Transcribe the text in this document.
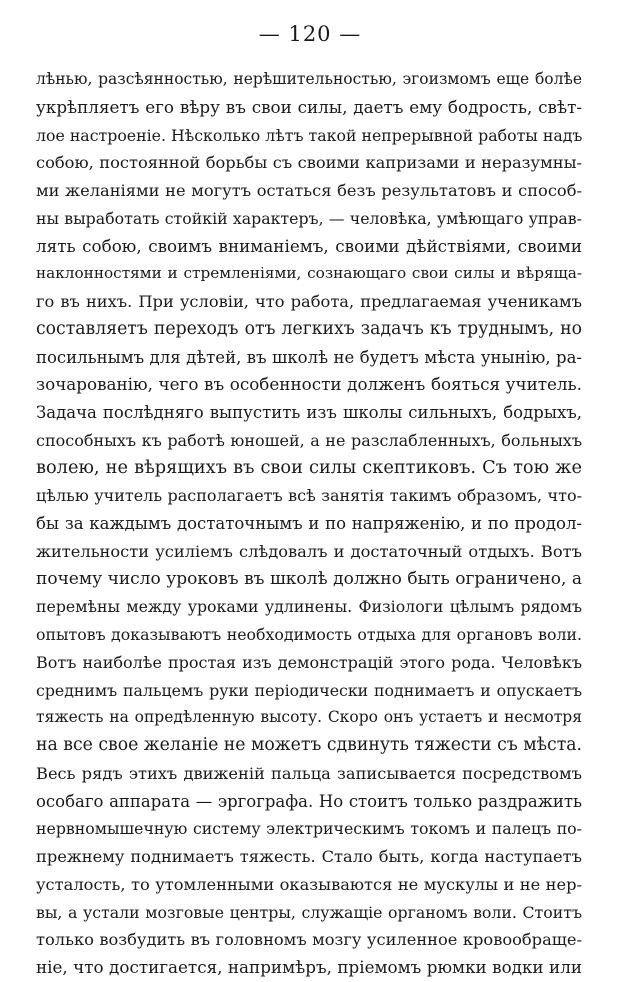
— 120 —
лѣнью, разсѣянностью, нерѣшительностью, эгоизмомъ еще болѣе
укрѣпляетъ его вѣру въ свои силы, даетъ ему бодрость, свѣт-
лое настроеніе. Нѣсколько лѣтъ такой непрерывной работы надъ
собою, постоянной борьбы съ своими капризами и неразумны-
ми желаніями не могутъ остаться безъ результатовъ и способ-
ны выработать стойкій характеръ, — человѣка, умѣющаго управ-
лять собою, своимъ вниманіемъ, своими дѣйствіями, своими
наклонностями и стремленіями, сознающаго свои силы и вѣряща-
го въ нихъ. При условіи, что работа, предлагаемая ученикамъ
составляетъ переходъ отъ легкихъ задачъ къ труднымъ, но
посильнымъ для дѣтей, въ школѣ не будетъ мѣста унынію, ра-
зочарованію, чего въ особенности долженъ бояться учитель.
Задача послѣдняго выпустить изъ школы сильныхъ, бодрыхъ,
способныхъ къ работѣ юношей, а не разслабленныхъ, больныхъ
волею, не вѣрящихъ въ свои силы скептиковъ. Съ тою же
цѣлью учитель располагаетъ всѣ занятія такимъ образомъ, что-
бы за каждымъ достаточнымъ и по напряженію, и по продол-
жительности усиліемъ слѣдовалъ и достаточный отдыхъ. Вотъ
почему число уроковъ въ школѣ должно быть ограничено, а
перемѣны между уроками удлинены. Физіологи цѣлымъ рядомъ
опытовъ доказываютъ необходимость отдыха для органовъ воли.
Вотъ наиболѣе простая изъ демонстрацій этого рода. Человѣкъ
среднимъ пальцемъ руки періодически поднимаетъ и опускаетъ
тяжесть на опредѣленную высоту. Скоро онъ устаетъ и несмотря
на все свое желаніе не можетъ сдвинуть тяжести съ мѣста.
Весь рядъ этихъ движеній пальца записывается посредствомъ
особаго аппарата — эргографа. Но стоитъ только раздражить
нервномышечную систему электрическимъ токомъ и палецъ по-
прежнему поднимаетъ тяжесть. Стало быть, когда наступаетъ
усталость, то утомленными оказываются не мускулы и не нер-
вы, а устали мозговые центры, служащіе органомъ воли. Стоитъ
только возбудить въ головномъ мозгу усиленное кровообраще-
ніе, что достигается, напримѣръ, пріемомъ рюмки водки или
